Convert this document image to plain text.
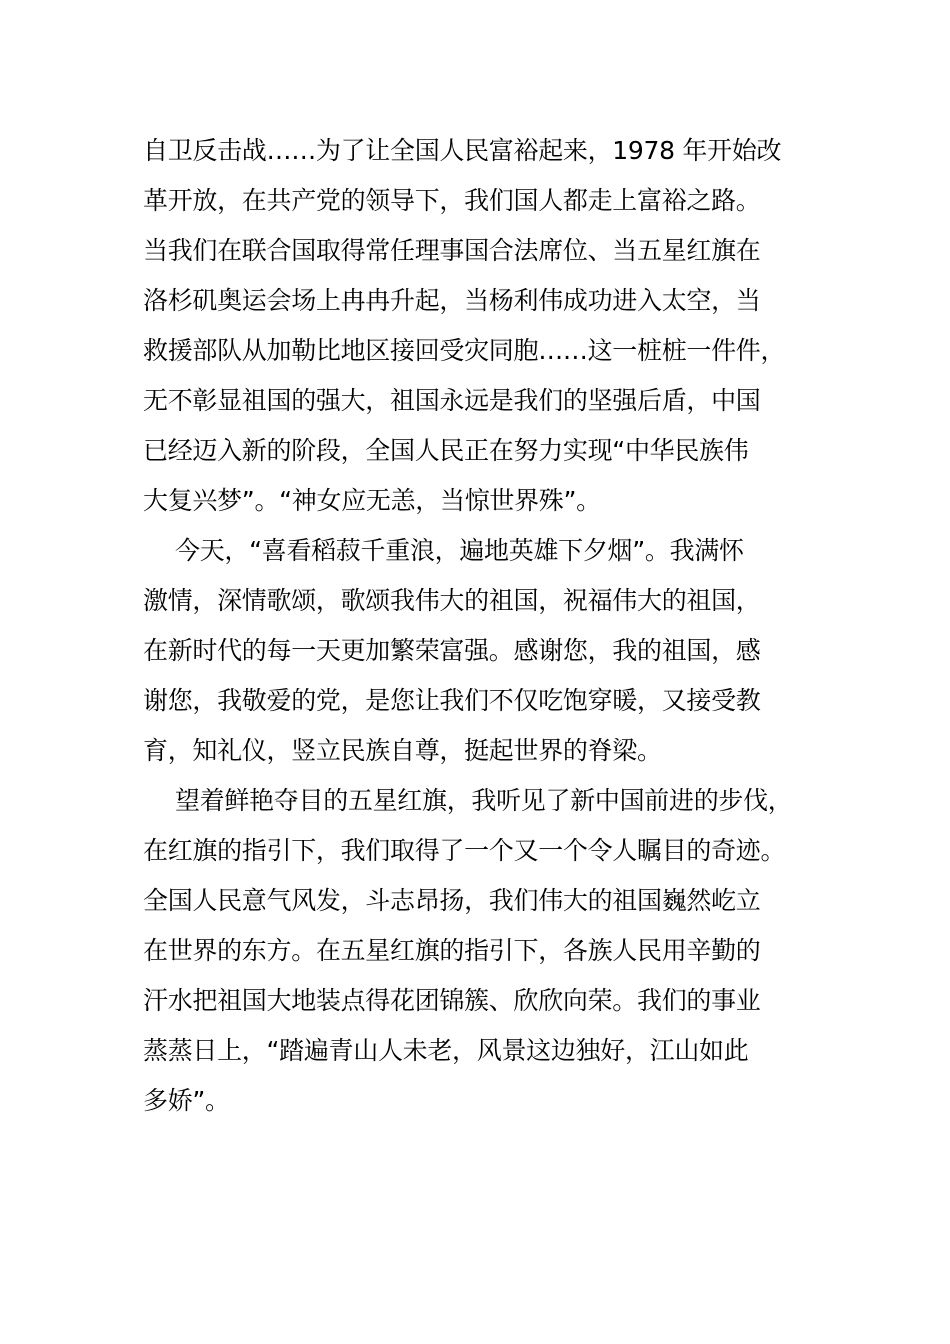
自卫反击战……为了让全国人民富裕起来，1978 年开始改
革开放，在共产党的领导下，我们国人都走上富裕之路。
当我们在联合国取得常任理事国合法席位、当五星红旗在
洛杉矶奥运会场上冉冉升起，当杨利伟成功进入太空，当
救援部队从加勒比地区接回受灾同胞……这一桩桩一件件，
无不彰显祖国的强大，祖国永远是我们的坚强后盾，中国
已经迈入新的阶段，全国人民正在努力实现“中华民族伟
大复兴梦”。“神女应无恙，当惊世界殊”。
今天，“喜看稻菽千重浪，遍地英雄下夕烟”。我满怀
激情，深情歌颂，歌颂我伟大的祖国，祝福伟大的祖国，
在新时代的每一天更加繁荣富强。感谢您，我的祖国，感
谢您，我敬爱的党，是您让我们不仅吃饱穿暖，又接受教
育，知礼仪，竖立民族自尊，挺起世界的脊梁。
望着鲜艳夺目的五星红旗，我听见了新中国前进的步伐，
在红旗的指引下，我们取得了一个又一个令人瞩目的奇迹。
全国人民意气风发，斗志昂扬，我们伟大的祖国巍然屹立
在世界的东方。在五星红旗的指引下，各族人民用辛勤的
汗水把祖国大地装点得花团锦簇、欣欣向荣。我们的事业
蒸蒸日上，“踏遍青山人未老，风景这边独好，江山如此
多娇”。
